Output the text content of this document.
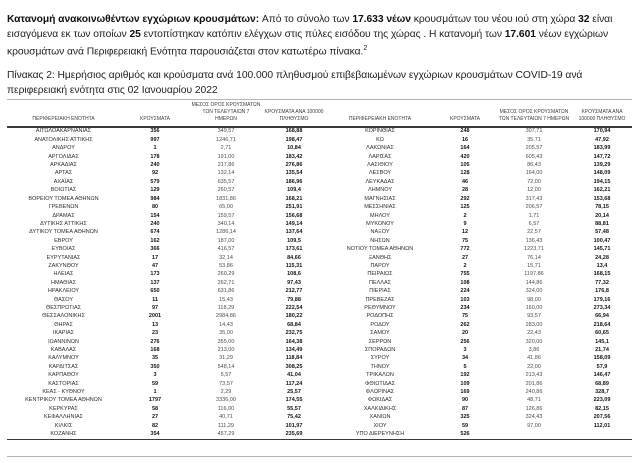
Κατανομή ανακοινωθέντων εγχώριων κρουσμάτων: Από το σύνολο των 17.633 νέων κρουσμάτων του νέου ιού στη χώρα 32 είναι εισαγόμενα εκ των οποίων 25 εντοπίστηκαν κατόπιν ελέγχων στις πύλες εισόδου της χώρας . Η κατανομή των 17.601 νέων εγχώριων κρουσμάτων ανά Περιφερειακή Ενότητα παρουσιάζεται στον κατωτέρω πίνακα.$^2$

Πίνακας 2: Ημερήσιος αριθμός και κρούσματα ανά 100.000 πληθυσμού επιβεβαιωμένων εγχώριων κρουσμάτων COVID-19 ανά περιφερειακή ενότητα στις 02 Ιανουαρίου 2022

ΠΕΡΙΦΕΡΕΙΑΚΗ ΕΝΟΤΗΤΑ	ΚΡΟΥΣΜΑΤΑ	ΜΕΣΟΣ ΟΡΟΣ ΚΡΟΥΣΜΑΤΩΝ ΤΩΝ ΤΕΛΕΥΤΑΙΩΝ 7 ΗΜΕΡΩΝ	ΚΡΟΥΣΜΑΤΑ ΑΝΑ 100000 ΠΛΗΘΥΣΜΟ	ΠΕΡΙΦΕΡΕΙΑΚΗ ΕΝΟΤΗΤΑ	ΚΡΟΥΣΜΑΤΑ	ΜΕΣΟΣ ΟΡΟΣ ΚΡΟΥΣΜΑΤΩΝ ΤΩΝ ΤΕΛΕΥΤΑΙΩΝ 7 ΗΜΕΡΩΝ	ΚΡΟΥΣΜΑΤΑ ΑΝΑ 100000 ΠΛΗΘΥΣΜΟ
ΑΙΤΩΛΟΑΚΑΡΝΑΝΙΑΣ	356	349,57	168,88	ΚΟΡΙΝΘΙΑΣ	248	307,71	170,94
ΑΝΑΤΟΛΙΚΗΣ ΑΤΤΙΚΗΣ	997	1246,71	198,47	ΚΩ	16	35,71	47,92
ΑΝΔΡΟΥ	1	2,71	10,84	ΛΑΚΩΝΙΑΣ	164	205,57	183,99
ΑΡΓΟΛΙΔΑΣ	178	191,00	183,42	ΛΑΡΙΣΑΣ	420	605,43	147,72
ΑΡΚΑΔΙΑΣ	240	217,86	276,86	ΛΑΣΙΘΙΟΥ	105	86,43	139,29
ΑΡΤΑΣ	92	132,14	135,54	ΛΕΣΒΟΥ	128	164,00	148,09
ΑΧΑΪΑΣ	579	635,57	186,96	ΛΕΥΚΑΔΑΣ	46	72,00	194,15
ΒΟΙΩΤΙΑΣ	129	260,57	109,4	ΛΗΜΝΟΥ	28	12,00	162,21
ΒΟΡΕΙΟΥ ΤΟΜΕΑ ΑΘΗΝΩΝ	984	1831,86	168,21	ΜΑΓΝΗΣΙΑΣ	292	317,43	153,68
ΓΡΕΒΕΝΩΝ	80	65,00	251,91	ΜΕΣΣΗΝΙΑΣ	125	206,57	78,15
ΔΡΑΜΑΣ	154	159,57	156,68	ΜΗΛΟΥ	2	1,71	20,14
ΔΥΤΙΚΗΣ ΑΤΤΙΚΗΣ	240	340,14	149,14	ΜΥΚΟΝΟΥ	9	6,57	88,81
ΔΥΤΙΚΟΥ ΤΟΜΕΑ ΑΘΗΝΩΝ	674	1286,14	137,64	ΝΑΞΟΥ	12	22,57	57,48
ΕΒΡΟΥ	162	187,00	109,5	ΝΗΣΩΝ	75	136,43	100,47
ΕΥΒΟΙΑΣ	366	416,57	173,61	ΝΟΤΙΟΥ ΤΟΜΕΑ ΑΘΗΝΩΝ	772	1223,71	145,71
ΕΥΡΥΤΑΝΙΑΣ	17	32,14	84,66	ΞΑΝΘΗΣ	27	76,14	24,28
ΖΑΚΥΝΘΟΥ	47	53,86	115,31	ΠΑΡΟΥ	2	15,71	13,4
ΗΛΕΙΑΣ	173	260,29	108,6	ΠΕΙΡΑΙΩΣ	755	1197,86	168,15
ΗΜΑΘΙΑΣ	137	262,71	97,43	ΠΕΛΛΑΣ	108	144,86	77,32
ΗΡΑΚΛΕΙΟΥ	650	631,86	212,77	ΠΙΕΡΙΑΣ	224	324,00	176,8
ΘΑΣΟΥ	11	15,43	79,88	ΠΡΕΒΕΖΑΣ	103	98,00	179,16
ΘΕΣΠΡΩΤΙΑΣ	97	118,29	222,54	ΡΕΘΥΜΝΟΥ	234	160,00	273,34
ΘΕΣΣΑΛΟΝΙΚΗΣ	2001	2984,86	180,22	ΡΟΔΟΠΗΣ	75	93,57	66,94
ΘΗΡΑΣ	13	14,43	68,84	ΡΟΔΟΥ	262	283,00	218,64
ΙΚΑΡΙΑΣ	23	35,00	232,75	ΣΑΜΟΥ	20	22,43	60,65
ΙΩΑΝΝΙΝΩΝ	276	355,00	164,38	ΣΕΡΡΩΝ	256	320,00	145,1
ΚΑΒΑΛΑΣ	168	213,00	134,49	ΣΠΟΡΑΔΩΝ	3	3,86	21,74
ΚΑΛΥΜΝΟΥ	35	31,29	118,84	ΣΥΡΟΥ	34	41,86	158,09
ΚΑΡΔΙΤΣΑΣ	350	548,14	308,25	ΤΗΝΟΥ	5	22,00	57,9
ΚΑΡΠΑΘΟΥ	3	5,57	41,04	ΤΡΙΚΑΛΩΝ	192	213,43	146,47
ΚΑΣΤΟΡΙΑΣ	59	73,57	117,24	ΦΘΙΩΤΙΔΑΣ	109	201,86	68,89
ΚΕΑΣ - ΚΥΘΝΟΥ	1	2,29	25,57	ΦΛΩΡΙΝΑΣ	169	240,86	328,7
ΚΕΝΤΡΙΚΟΥ ΤΟΜΕΑ ΑΘΗΝΩΝ	1797	3336,00	174,55	ΦΩΚΙΔΑΣ	90	48,71	223,09
ΚΕΡΚΥΡΑΣ	58	116,00	55,57	ΧΑΛΚΙΔΙΚΗΣ	87	126,86	82,15
ΚΕΦΑΛΛΗΝΙΑΣ	27	40,71	75,42	ΧΑΝΙΩΝ	325	324,43	207,56
ΚΙΛΚΙΣ	82	111,29	101,97	ΧΙΟΥ	59	97,00	112,01
ΚΟΖΑΝΗΣ	354	457,29	235,69	ΥΠΟ ΔΙΕΡΕΥΝΗΣΗ	526		
